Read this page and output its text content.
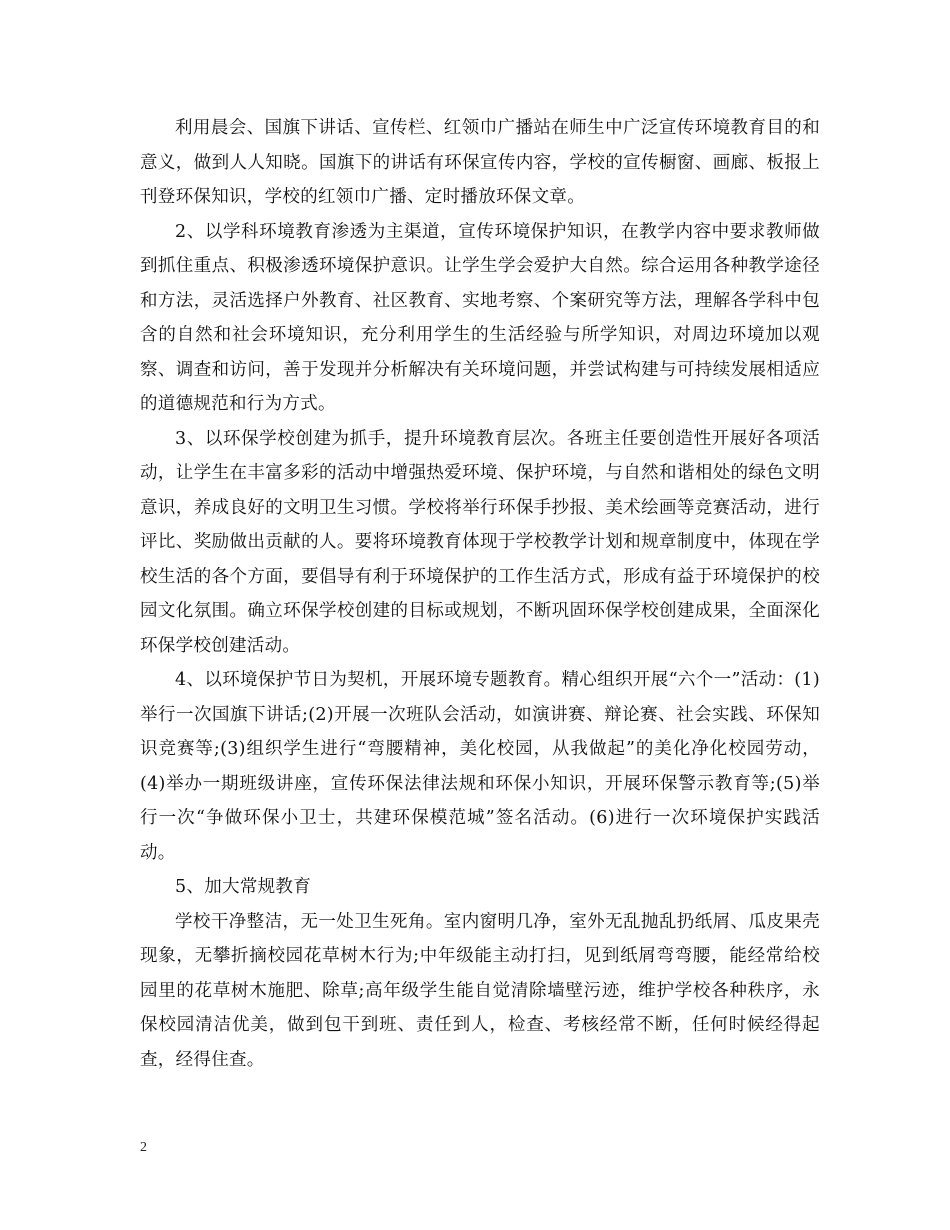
利用晨会、国旗下讲话、宣传栏、红领巾广播站在师生中广泛宣传环境教育目的和意义，做到人人知晓。国旗下的讲话有环保宣传内容，学校的宣传橱窗、画廊、板报上刊登环保知识，学校的红领巾广播、定时播放环保文章。

2、以学科环境教育渗透为主渠道，宣传环境保护知识，在教学内容中要求教师做到抓住重点、积极渗透环境保护意识。让学生学会爱护大自然。综合运用各种教学途径和方法，灵活选择户外教育、社区教育、实地考察、个案研究等方法，理解各学科中包含的自然和社会环境知识，充分利用学生的生活经验与所学知识，对周边环境加以观察、调查和访问，善于发现并分析解决有关环境问题，并尝试构建与可持续发展相适应的道德规范和行为方式。

3、以环保学校创建为抓手，提升环境教育层次。各班主任要创造性开展好各项活动，让学生在丰富多彩的活动中增强热爱环境、保护环境，与自然和谐相处的绿色文明意识，养成良好的文明卫生习惯。学校将举行环保手抄报、美术绘画等竞赛活动，进行评比、奖励做出贡献的人。要将环境教育体现于学校教学计划和规章制度中，体现在学校生活的各个方面，要倡导有利于环境保护的工作生活方式，形成有益于环境保护的校园文化氛围。确立环保学校创建的目标或规划，不断巩固环保学校创建成果，全面深化环保学校创建活动。

4、以环境保护节日为契机，开展环境专题教育。精心组织开展“六个一”活动：(1)举行一次国旗下讲话;(2)开展一次班队会活动，如演讲赛、辩论赛、社会实践、环保知识竞赛等;(3)组织学生进行“弯腰精神，美化校园，从我做起”的美化净化校园劳动，(4)举办一期班级讲座，宣传环保法律法规和环保小知识，开展环保警示教育等;(5)举行一次“争做环保小卫士，共建环保模范城”签名活动。(6)进行一次环境保护实践活动。

5、加大常规教育

学校干净整洁，无一处卫生死角。室内窗明几净，室外无乱抛乱扔纸屑、瓜皮果壳现象，无攀折摘校园花草树木行为;中年级能主动打扫，见到纸屑弯弯腰，能经常给校园里的花草树木施肥、除草;高年级学生能自觉清除墙壁污迹，维护学校各种秩序，永保校园清洁优美，做到包干到班、责任到人，检查、考核经常不断，任何时候经得起查，经得住查。

2
